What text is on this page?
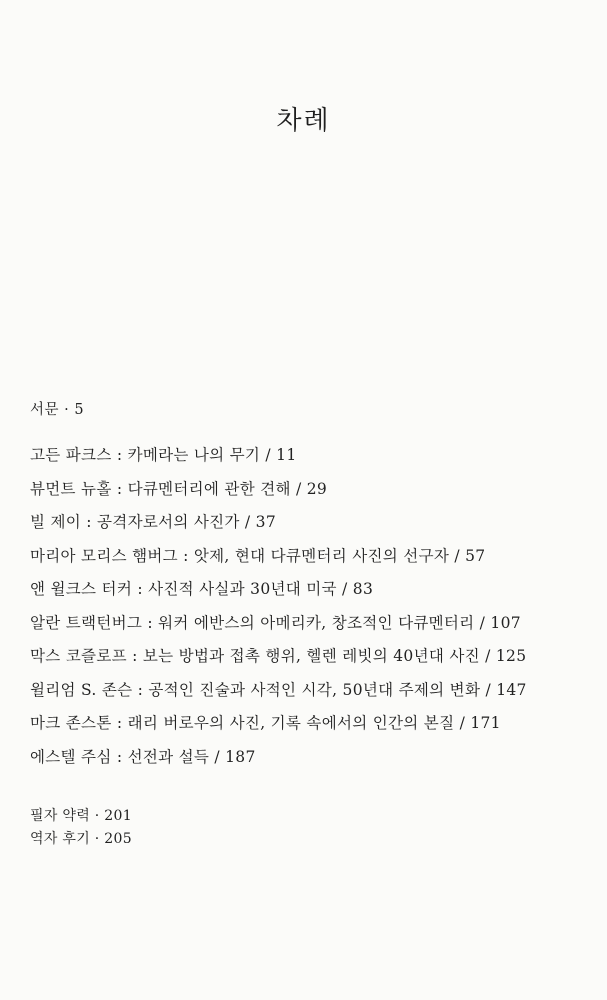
차례
서문 · 5
고든 파크스 : 카메라는 나의 무기 / 11
뷰먼트 뉴홀 : 다큐멘터리에 관한 견해 / 29
빌 제이 : 공격자로서의 사진가 / 37
마리아 모리스 햄버그 : 앗제, 현대 다큐멘터리 사진의 선구자 / 57
앤 윌크스 터커 : 사진적 사실과 30년대 미국 / 83
알란 트랙턴버그 : 워커 에반스의 아메리카, 창조적인 다큐멘터리 / 107
막스 코즐로프 : 보는 방법과 접촉 행위, 헬렌 레빗의 40년대 사진 / 125
윌리엄 S. 존슨 : 공적인 진술과 사적인 시각, 50년대 주제의 변화 / 147
마크 존스톤 : 래리 버로우의 사진, 기록 속에서의 인간의 본질 / 171
에스텔 주심 : 선전과 설득 / 187
필자 약력 · 201
역자 후기 · 205
